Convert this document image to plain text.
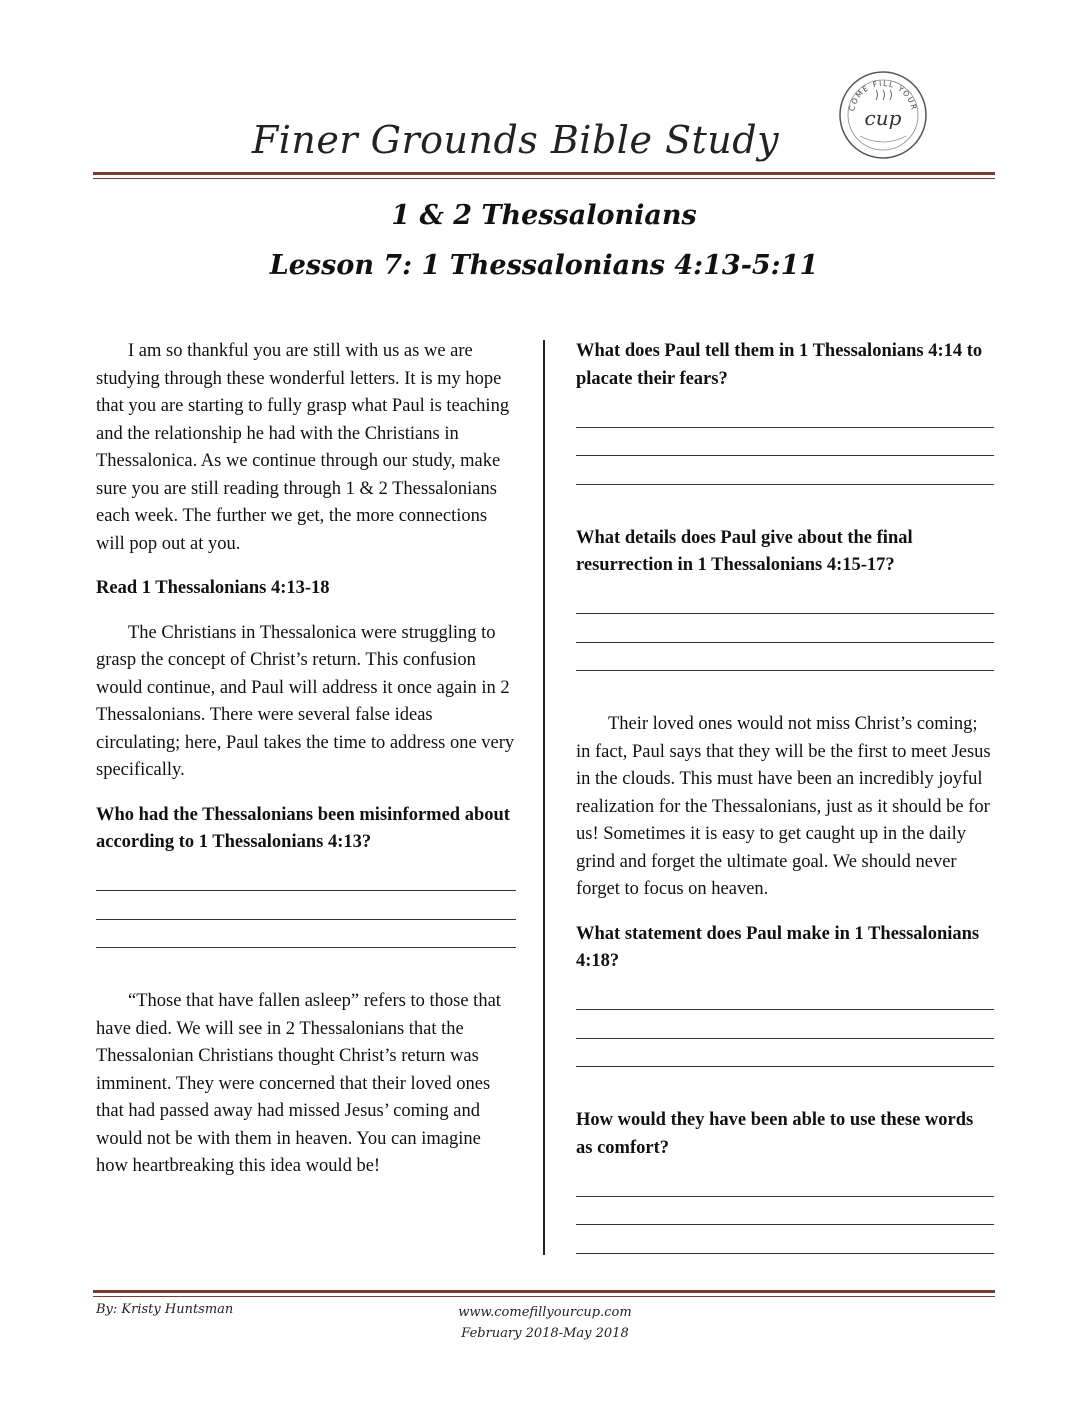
COME FILL YOUR
cup
Finer Grounds Bible Study
1 & 2 Thessalonians
Lesson 7: 1 Thessalonians 4:13-5:11

I am so thankful you are still with us as we are studying through these wonderful letters. It is my hope that you are starting to fully grasp what Paul is teaching and the relationship he had with the Christians in Thessalonica. As we continue through our study, make sure you are still reading through 1 & 2 Thessalonians each week. The further we get, the more connections will pop out at you.

Read 1 Thessalonians 4:13-18

The Christians in Thessalonica were struggling to grasp the concept of Christ’s return. This confusion would continue, and Paul will address it once again in 2 Thessalonians. There were several false ideas circulating; here, Paul takes the time to address one very specifically.

Who had the Thessalonians been misinformed about according to 1 Thessalonians 4:13?

“Those that have fallen asleep” refers to those that have died. We will see in 2 Thessalonians that the Thessalonian Christians thought Christ’s return was imminent. They were concerned that their loved ones that had passed away had missed Jesus’ coming and would not be with them in heaven. You can imagine how heartbreaking this idea would be!

What does Paul tell them in 1 Thessalonians 4:14 to placate their fears?

What details does Paul give about the final resurrection in 1 Thessalonians 4:15-17?

Their loved ones would not miss Christ’s coming; in fact, Paul says that they will be the first to meet Jesus in the clouds. This must have been an incredibly joyful realization for the Thessalonians, just as it should be for us! Sometimes it is easy to get caught up in the daily grind and forget the ultimate goal. We should never forget to focus on heaven.

What statement does Paul make in 1 Thessalonians 4:18?

How would they have been able to use these words as comfort?

By: Kristy Huntsman	www.comefillyourcup.com
February 2018-May 2018
